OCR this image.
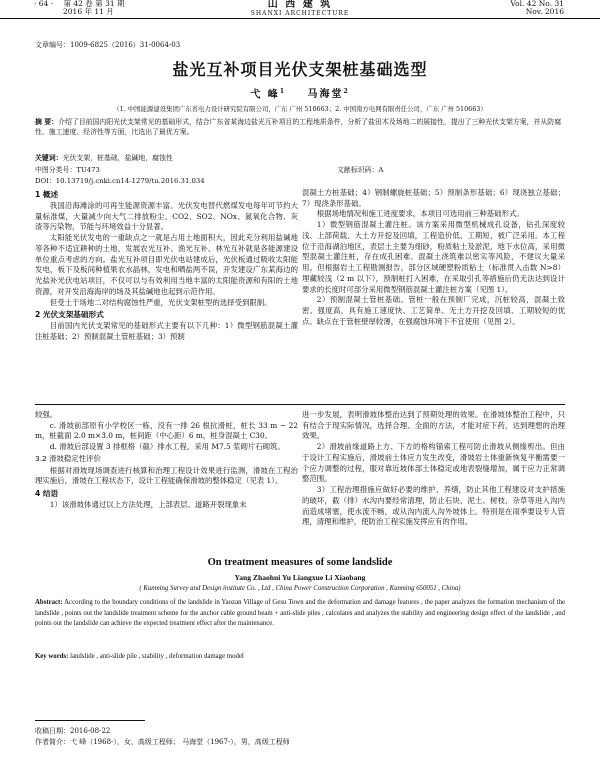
· 64 · 第 42 卷 第 31 期
2016 年 11 月
山 西 建 筑
SHANXI ARCHITECTURE
Vol. 42 No. 31
Nov. 2016
文章编号：1009-6825（2016）31-0064-03
盐光互补项目光伏支架桩基础选型
弋 峰$^1$ 马海堂$^2$
（1. 中国能源建设集团广东省电力设计研究院有限公司，广东 广州 510663；2. 中国南方电网有限责任公司，广东 广州 510663）
摘 要：介绍了目前国内阳光伏支架常见的基础形式，结合广东省某海边盐光互补项目的工程地质条件，分析了盐田木及场地二的展接性，提出了三种光伏支架方案，并从防腐性、施工速度、经济性等方面，比选出了最优方案。
关键词：光伏支架，桩基础，盐碱地，腐蚀性
中图分类号：TU473	文献标识码：A
DOI：10.13719/j.cnki.cn14-1279/tu.2016.31.034

1 概述

我国沿海滩涂的可再生能源资源丰富。光伏发电替代燃煤发电每年可节约大量标准煤，大量减少向大气二排放粉尘、CO2、SO2、NOx、氮氧化合物、灰渣等污染物，节能与环境效益十分显著。

太阳能光伏发电的一重缺点之一就是占用土地面积大，因此充分利用盐碱地等各种不适宜耕种的土地，发展农光互补、渔光互补、林光互补就是各能源建设单位重点考虑的方向。盐光互补项目即光伏电站建成后，光伏板通过吸收太阳能发电，板下及板间种植果农水晶林，发电和晒盐两不误，开发建设广东某海边的光盐补光伏电站项目，不仅可以与有效利用当地丰富的太阳能资源和有阳的土地资源，对开发沿海海岸的场及其盐碱地也起到示范作用。

但受土于场地二对结构腐蚀性严重，光伏支架桩型的选择受到限制。

2 光伏支架基础形式

目前国内光伏支架常见的基础形式主要有以下几种：1）微型钢筋混凝土灌注桩基础；2）预制混凝土管桩基础；3）预制

混凝土方桩基础；4）钢制螺旋桩基础；5）预制条形基础；6）现浇独立基础；7）现浇条形基础。

根据场地情况和施工进度要求，本项目可选用前三种基础形式。

1）微型钢筋混凝土灌注桩。该方案采用微型机械成孔设备，钻孔深度较浅、上部荷载、大土方开挖及回填，工程造价低、工期短，被广泛采用。本工程位于沿海湖泊地区，表层土主要为细砂，粉质粘土及淤泥，地下水位高，采用微型混凝土灌注桩，存在成孔困难、混凝土浇筑难以密实等风险，不建议大量采用。但根据岩土工程勘测报告，部分区域硬塑粉质粘土（标准贯入击数 N>8）埋藏较浅（2 m 以下），预制桩打入困难，在采取引孔等措施后仍无法达到设计要求的长度时可部分采用微型钢筋混凝土灌注桩方案（见图 1）。

2）预制混凝土管桩基础。管桩一般在预制厂完成，沉桩较高，混凝土致密、强度高，具有施工速度快、工艺简单、无土方开挖及回填、工期较短的优点。缺点在于管桩壁厚较薄，在强腐蚀环境下不宜使用（见图 2）。

较强。

c. 滑坡前部原有小学校区一栋，没有一排 26 根抗滑桩，桩长 33 m ~ 22 m，桩截面 2.0 m×3.0 m，桩间距（中心距）6 m，桩身混凝土 C30。

d. 滑坡后部设置 3 排框格（截）排水工程，采用 M7.5 浆砌片石砌筑。

3.2 滑坡稳定性评价

根据对滑坡现场调查进行核算和治理工程设计效果进行监测，滑坡在工程治理实施后，滑坡在工程状态下，设计工程能确保滑坡的整体稳定（见表 1）。

4 结语

1）该滑坡体通过以上方法处理，上部表层、道路开裂现象未

进一步发展，表明滑坡体整治达到了预期处理的效果。在滑坡体整治工程中，只有结合于现实际情况，选择合理、全面的方法，才能对症下药，达到理想的治理效果。

2）滑坡前缘道路上方、下方的格构锚索工程可防止滑坡从侧缘剪出。但由于设计工程实施后，滑坡前土体应力发生改变，滑坡岩土体重新恢复平衡需要一个应力调整的过程，服对靠近坡体部土体稳定或地表裂缝增加，属于应力正常调整范围。

3）工程治理措施应做好必要的维护、养缮，防止其他工程建设对支护措施的破坏，截（排）水沟内要经常清理，防止石块、泥土、树枝、杂草等进入沟内而造成堵塞，使水流不畅，或从沟内流入沟外坡体上。特别是在雨季要设专人管理，清理和维护，使防治工程实施发挥应有的作用。

On treatment measures of some landslide
Yang Zhaohui Yu Liangxue Li Xiaobang
( Kunming Survey and Design institute Co. , Ltd , China Power Construction Corporation , Kunming 650051 , China)
Abstract: According to the boundary conditions of the landslide in Yaozan Village of Gesu Town and the deformation and damage features , the paper analyzes the formation mechanism of the landslide , points out the landslide treatment scheme for the anchor cable ground beam + anti-slide piles , calculates and analyzes the stability and engineering design effect of the landslide , and points out the landslide can achieve the expected treatment effect after the maintenance.
Key words: landslide , anti-slide pile , stability , deformation damage model
收稿日期：2016-08-22
作者简介：弋 峰（1968-），女，高级工程师； 马海堂（1967-），男，高级工程师
